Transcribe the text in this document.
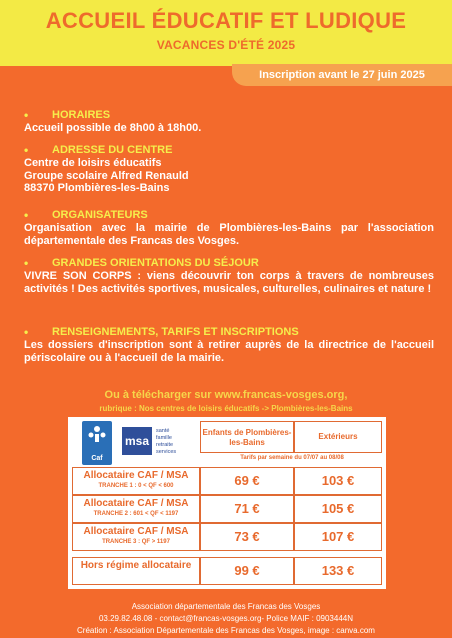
ACCUEIL ÉDUCATIF ET LUDIQUE
VACANCES D'ÉTÉ 2025
Inscription avant le 27 juin 2025
• HORAIRES
Accueil possible de 8h00 à 18h00.
• ADRESSE DU CENTRE
Centre de loisirs éducatifs
Groupe scolaire Alfred Renauld
88370 Plombières-les-Bains
• ORGANISATEURS
Organisation avec la mairie de Plombières-les-Bains par l'association départementale des Francas des Vosges.
• GRANDES ORIENTATIONS DU SÉJOUR
VIVRE SON CORPS : viens découvrir ton corps à travers de nombreuses activités ! Des activités sportives, musicales, culturelles, culinaires et nature !
• RENSEIGNEMENTS, TARIFS ET INSCRIPTIONS
Les dossiers d'inscription sont à retirer auprès de la directrice de l'accueil périscolaire ou à l'accueil de la mairie.
Ou à télécharger sur www.francas-vosges.org,
rubrique : Nos centres de loisirs éducatifs -> Plombières-les-Bains
Caf
msa
santé
famille
retraite
services
Enfants de Plombières-les-Bains
Extérieurs
Tarifs par semaine du 07/07 au 08/08
Allocataire CAF / MSA
TRANCHE 1 : 0 < QF < 600	69 €	103 €
Allocataire CAF / MSA
TRANCHE 2 : 601 < QF < 1197	71 €	105 €
Allocataire CAF / MSA
TRANCHE 3 : QF > 1197	73 €	107 €
Hors régime allocataire	99 €	133 €
Association départementale des Francas des Vosges
03.29.82.48.08 - contact@francas-vosges.org- Police MAIF : 0903444N
Création : Association Départementale des Francas des Vosges, image : canva.com
